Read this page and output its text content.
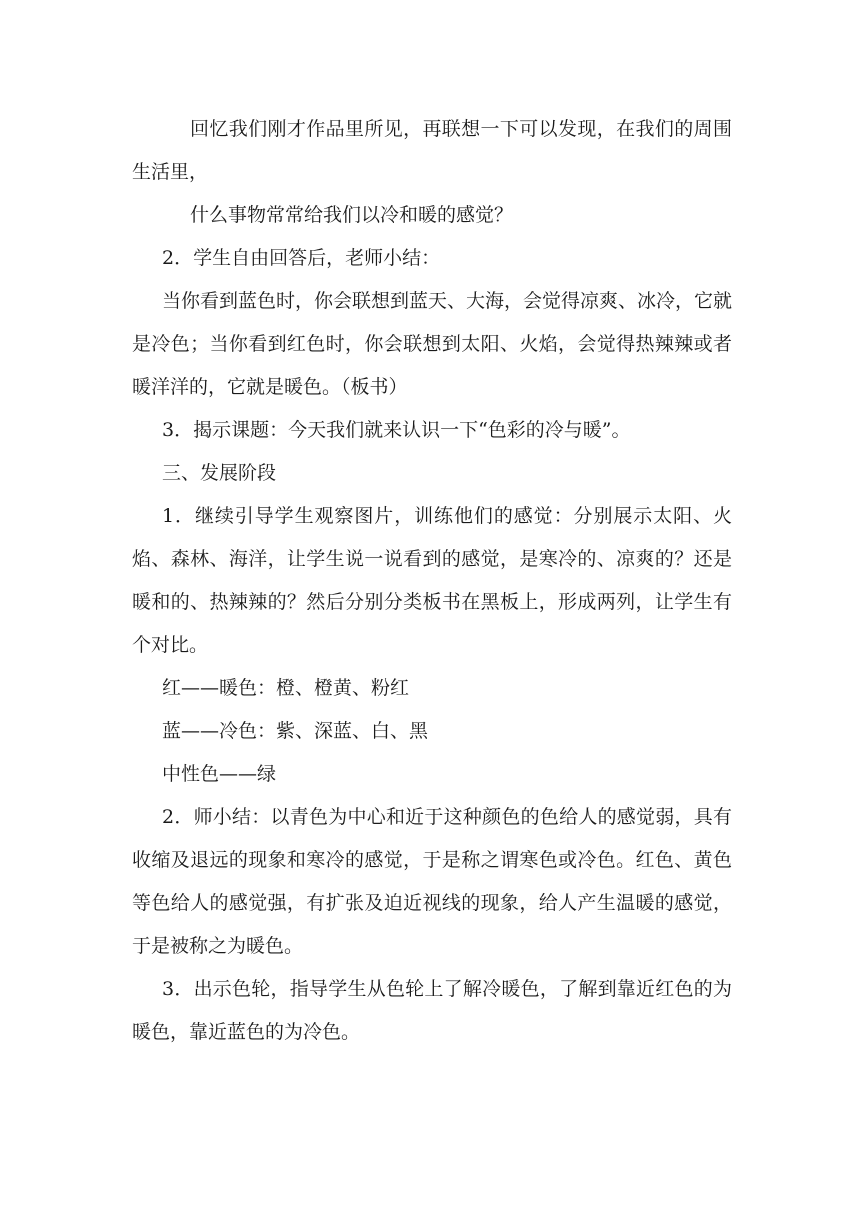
回忆我们刚才作品里所见，再联想一下可以发现，在我们的周围生活里，

什么事物常常给我们以冷和暖的感觉？

2．学生自由回答后，老师小结：

当你看到蓝色时，你会联想到蓝天、大海，会觉得凉爽、冰冷，它就是冷色；当你看到红色时，你会联想到太阳、火焰，会觉得热辣辣或者暖洋洋的，它就是暖色。（板书）

3．揭示课题：今天我们就来认识一下“色彩的冷与暖”。

三、发展阶段

1．继续引导学生观察图片，训练他们的感觉：分别展示太阳、火焰、森林、海洋，让学生说一说看到的感觉，是寒冷的、凉爽的？还是暖和的、热辣辣的？然后分别分类板书在黑板上，形成两列，让学生有个对比。

红——暖色：橙、橙黄、粉红

蓝——冷色：紫、深蓝、白、黑

中性色——绿

2．师小结：以青色为中心和近于这种颜色的色给人的感觉弱，具有收缩及退远的现象和寒冷的感觉，于是称之谓寒色或冷色。红色、黄色等色给人的感觉强，有扩张及迫近视线的现象，给人产生温暖的感觉，于是被称之为暖色。

3．出示色轮，指导学生从色轮上了解冷暖色，了解到靠近红色的为暖色，靠近蓝色的为冷色。
